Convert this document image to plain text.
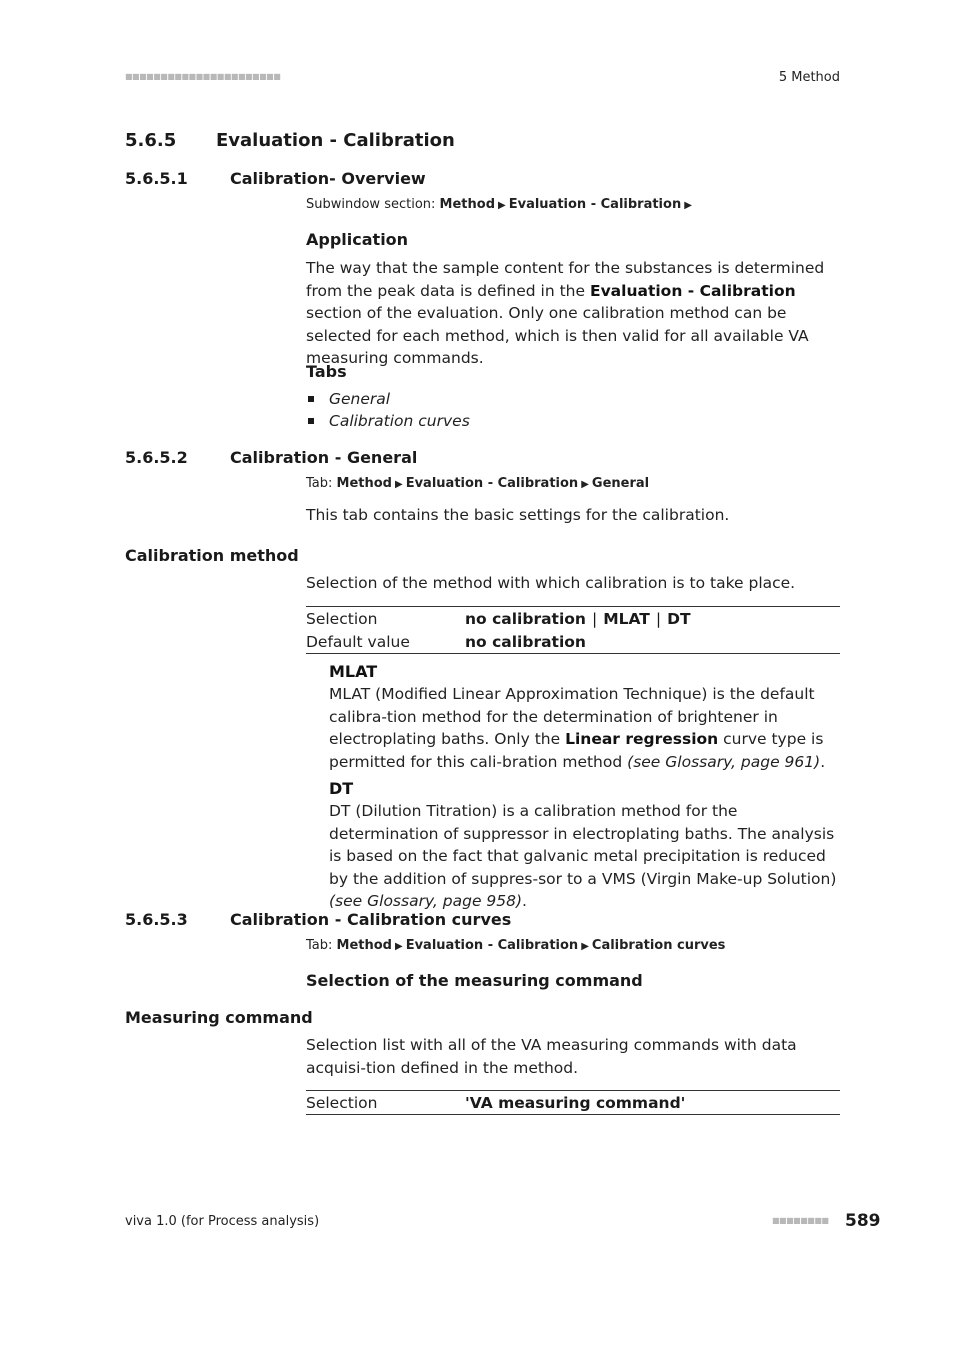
■■■■■■■■■■■■■■■■■■■■■■	5 Method
5.6.5 Evaluation - Calibration
5.6.5.1	Calibration- Overview
Subwindow section: Method ▶ Evaluation - Calibration ▶
Application
The way that the sample content for the substances is determined from the peak data is defined in the Evaluation - Calibration section of the evaluation. Only one calibration method can be selected for each method, which is then valid for all available VA measuring commands.
Tabs
General
Calibration curves
5.6.5.2	Calibration - General
Tab: Method ▶ Evaluation - Calibration ▶ General
This tab contains the basic settings for the calibration.
Calibration method
Selection of the method with which calibration is to take place.
Selection	no calibration | MLAT | DT
Default value	no calibration
MLAT
MLAT (Modified Linear Approximation Technique) is the default calibra-tion method for the determination of brightener in electroplating baths. Only the Linear regression curve type is permitted for this cali-bration method (see Glossary, page 961).
DT
DT (Dilution Titration) is a calibration method for the determination of suppressor in electroplating baths. The analysis is based on the fact that galvanic metal precipitation is reduced by the addition of suppres-sor to a VMS (Virgin Make-up Solution) (see Glossary, page 958).
5.6.5.3	Calibration - Calibration curves
Tab: Method ▶ Evaluation - Calibration ▶ Calibration curves
Selection of the measuring command
Measuring command
Selection list with all of the VA measuring commands with data acquisi-tion defined in the method.
Selection	'VA measuring command'
viva 1.0 (for Process analysis)	■■■■■■■■ 589
